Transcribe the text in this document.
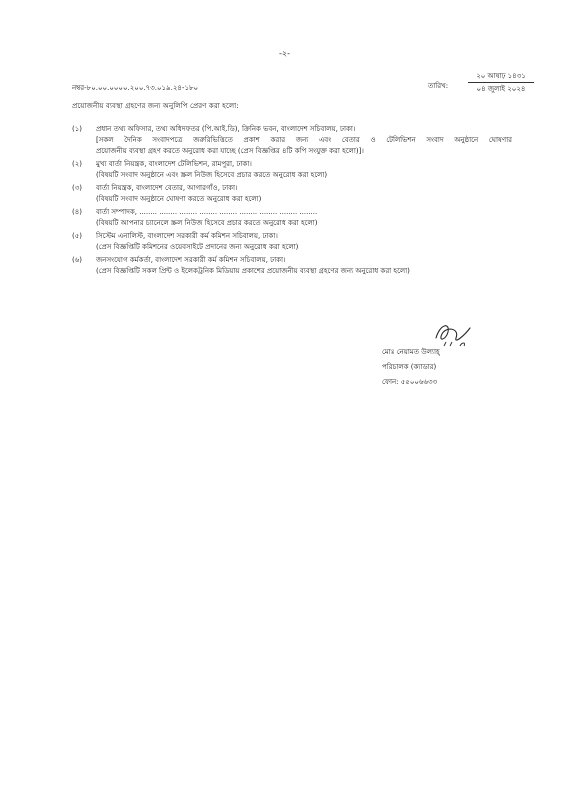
-২-
নম্বর-৮০.০০.০০০০.২০০.৭৩.০১৯.২৪-১৮০	তারিখ:
২০ আষাঢ় ১৪৩১
০৪ জুলাই ২০২৪
প্রয়োজনীয় ব্যবস্থা গ্রহণের জন্য অনুলিপি প্রেরণ করা হলো:
(১) প্রধান তথ্য অফিসার, তথ্য অধিদফতর (পি.আই.ডি), ক্রিনিক ভবন, বাংলাদেশ সচিবালয়, ঢাকা।
[সকল দৈনিক সংবাদপত্রে জরুরিভিত্তিতে প্রকাশ করার জন্য এবং বেতার ও টেলিভিশন সংবাদ অনুষ্ঠানে ঘোষণার
প্রয়োজনীয় ব্যবস্থা গ্রহণ করতে অনুরোধ করা যাচ্ছে (প্রেস বিজ্ঞপ্তির ৪টি কপি সংযুক্ত করা হলো)]।
(২) মুখ্য বার্তা নিয়ন্ত্রক, বাংলাদেশ টেলিভিশন, রামপুরা, ঢাকা।
(বিষয়টি সংবাদ অনুষ্ঠানে এবং স্ক্রল নিউজ হিসেবে প্রচার করতে অনুরোধ করা হলো)
(৩) বার্তা নিয়ন্ত্রক, বাংলাদেশ বেতার, আগারগাঁও, ঢাকা।
(বিষয়টি সংবাদ অনুষ্ঠানে ঘোষণা করতে অনুরোধ করা হলো)
(৪) বার্তা সম্পাদক, ........ ........ ........ ........ ........ ........ ........ ........ ........
(বিষয়টি আপনার চ্যানেলে স্ক্রল নিউজ হিসেবে প্রচার করতে অনুরোধ করা হলো)
(৫) সিস্টেম এনালিস্ট, বাংলাদেশ সরকারী কর্ম কমিশন সচিবালয়, ঢাকা।
(প্রেস বিজ্ঞপ্তিটি কমিশনের ওয়েবসাইটে প্রদানের জন্য অনুরোধ করা হলো)
(৬) জনসংযোগ কর্মকর্তা, বাংলাদেশ সরকারী কর্ম কমিশন সচিবালয়, ঢাকা।
(প্রেস বিজ্ঞপ্তিটি সকল প্রিন্ট ও ইলেকট্রনিক মিডিয়ায় প্রকাশের প্রয়োজনীয় ব্যবস্থা গ্রহণের জন্য অনুরোধ করা হলো)
মোঃ নেয়ামত উল্যাহ্
পরিচালক (ক্যাডার)
ফোন: ৫৫০০৬৬৩৩
